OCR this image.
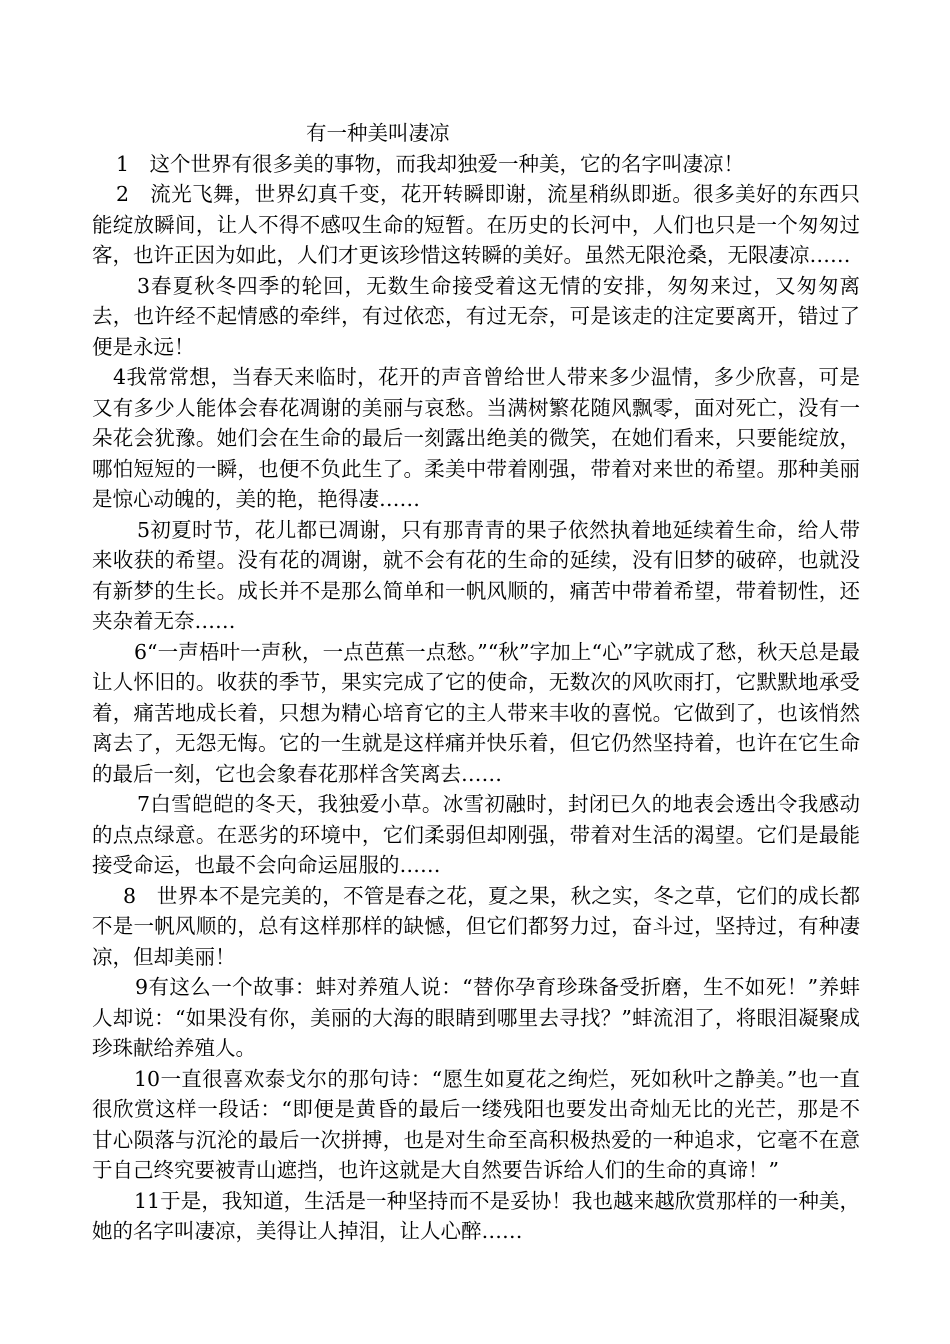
有一种美叫凄凉

1　这个世界有很多美的事物，而我却独爱一种美，它的名字叫凄凉！

2　流光飞舞，世界幻真千变，花开转瞬即谢，流星稍纵即逝。很多美好的东西只能绽放瞬间，让人不得不感叹生命的短暂。在历史的长河中，人们也只是一个匆匆过客，也许正因为如此，人们才更该珍惜这转瞬的美好。虽然无限沧桑，无限凄凉……

3春夏秋冬四季的轮回，无数生命接受着这无情的安排，匆匆来过，又匆匆离去，也许经不起情感的牵绊，有过依恋，有过无奈，可是该走的注定要离开，错过了便是永远！

4我常常想，当春天来临时，花开的声音曾给世人带来多少温情，多少欣喜，可是又有多少人能体会春花凋谢的美丽与哀愁。当满树繁花随风飘零，面对死亡，没有一朵花会犹豫。她们会在生命的最后一刻露出绝美的微笑，在她们看来，只要能绽放，哪怕短短的一瞬，也便不负此生了。柔美中带着刚强，带着对来世的希望。那种美丽是惊心动魄的，美的艳，艳得凄……

5初夏时节，花儿都已凋谢，只有那青青的果子依然执着地延续着生命，给人带来收获的希望。没有花的凋谢，就不会有花的生命的延续，没有旧梦的破碎，也就没有新梦的生长。成长并不是那么简单和一帆风顺的，痛苦中带着希望，带着韧性，还夹杂着无奈……

6“一声梧叶一声秋，一点芭蕉一点愁。”“秋”字加上“心”字就成了愁，秋天总是最让人怀旧的。收获的季节，果实完成了它的使命，无数次的风吹雨打，它默默地承受着，痛苦地成长着，只想为精心培育它的主人带来丰收的喜悦。它做到了，也该悄然离去了，无怨无悔。它的一生就是这样痛并快乐着，但它仍然坚持着，也许在它生命的最后一刻，它也会象春花那样含笑离去……

7白雪皑皑的冬天，我独爱小草。冰雪初融时，封闭已久的地表会透出令我感动的点点绿意。在恶劣的环境中，它们柔弱但却刚强，带着对生活的渴望。它们是最能接受命运，也最不会向命运屈服的……

8　世界本不是完美的，不管是春之花，夏之果，秋之实，冬之草，它们的成长都不是一帆风顺的，总有这样那样的缺憾，但它们都努力过，奋斗过，坚持过，有种凄凉，但却美丽！

9有这么一个故事：蚌对养殖人说：“替你孕育珍珠备受折磨，生不如死！”养蚌人却说：“如果没有你，美丽的大海的眼睛到哪里去寻找？”蚌流泪了，将眼泪凝聚成珍珠献给养殖人。

10一直很喜欢泰戈尔的那句诗：“愿生如夏花之绚烂，死如秋叶之静美。”也一直很欣赏这样一段话：“即便是黄昏的最后一缕残阳也要发出奇灿无比的光芒，那是不甘心陨落与沉沦的最后一次拼搏，也是对生命至高积极热爱的一种追求，它毫不在意于自己终究要被青山遮挡，也许这就是大自然要告诉给人们的生命的真谛！”

11于是，我知道，生活是一种坚持而不是妥协！我也越来越欣赏那样的一种美，她的名字叫凄凉，美得让人掉泪，让人心醉……
